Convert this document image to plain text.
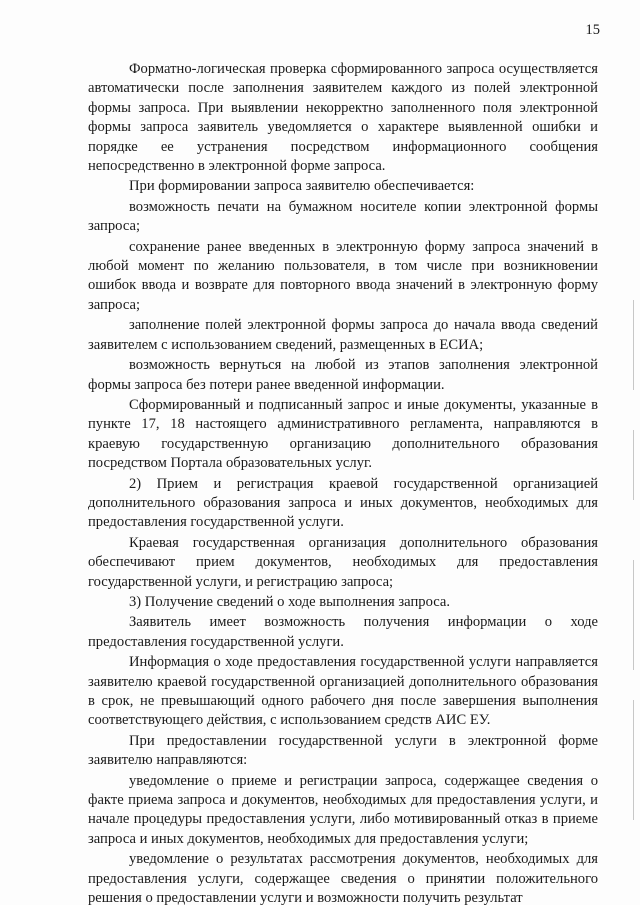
15

Форматно-логическая проверка сформированного запроса осуществляется автоматически после заполнения заявителем каждого из полей электронной формы запроса. При выявлении некорректно заполненного поля электронной формы запроса заявитель уведомляется о характере выявленной ошибки и порядке ее устранения посредством информационного сообщения непосредственно в электронной форме запроса.

При формировании запроса заявителю обеспечивается:

возможность печати на бумажном носителе копии электронной формы запроса;

сохранение ранее введенных в электронную форму запроса значений в любой момент по желанию пользователя, в том числе при возникновении ошибок ввода и возврате для повторного ввода значений в электронную форму запроса;

заполнение полей электронной формы запроса до начала ввода сведений заявителем с использованием сведений, размещенных в ЕСИА;

возможность вернуться на любой из этапов заполнения электронной формы запроса без потери ранее введенной информации.

Сформированный и подписанный запрос и иные документы, указанные в пункте 17, 18 настоящего административного регламента, направляются в краевую государственную организацию дополнительного образования посредством Портала образовательных услуг.

2) Прием и регистрация краевой государственной организацией дополнительного образования запроса и иных документов, необходимых для предоставления государственной услуги.

Краевая государственная организация дополнительного образования обеспечивают прием документов, необходимых для предоставления государственной услуги, и регистрацию запроса;

3) Получение сведений о ходе выполнения запроса.

Заявитель имеет возможность получения информации о ходе предоставления государственной услуги.

Информация о ходе предоставления государственной услуги направляется заявителю краевой государственной организацией дополнительного образования в срок, не превышающий одного рабочего дня после завершения выполнения соответствующего действия, с использованием средств АИС ЕУ.

При предоставлении государственной услуги в электронной форме заявителю направляются:

уведомление о приеме и регистрации запроса, содержащее сведения о факте приема запроса и документов, необходимых для предоставления услуги, и начале процедуры предоставления услуги, либо мотивированный отказ в приеме запроса и иных документов, необходимых для предоставления услуги;

уведомление о результатах рассмотрения документов, необходимых для предоставления услуги, содержащее сведения о принятии положительного решения о предоставлении услуги и возможности получить результат
